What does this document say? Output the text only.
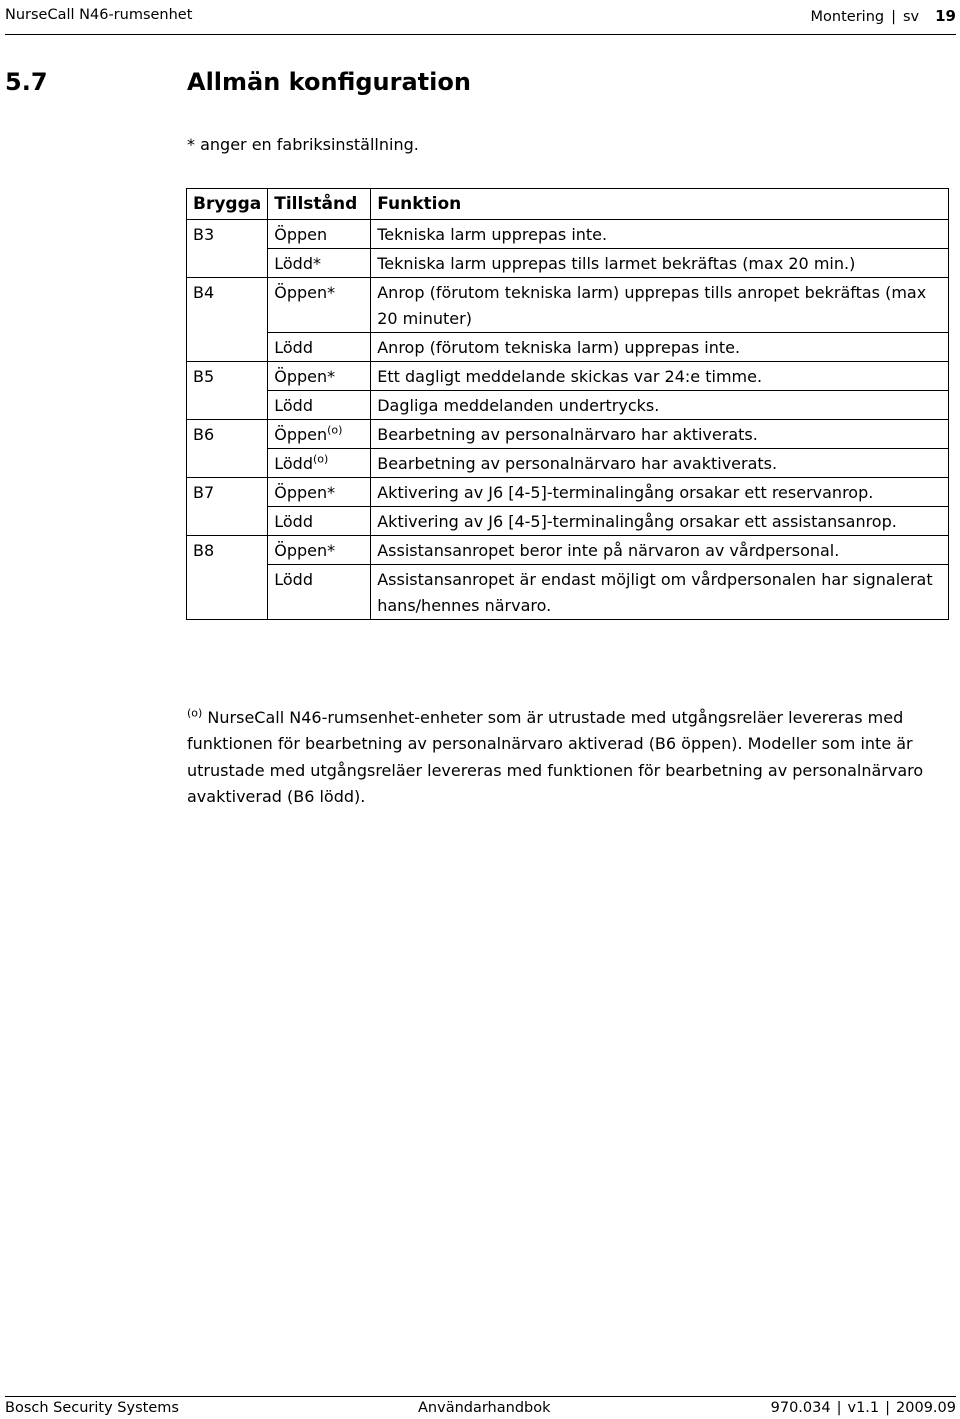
NurseCall N46-rumsenhet	Montering | sv 19
5.7	Allmän konfiguration
* anger en fabriksinställning.
Brygga	Tillstånd	Funktion
B3	Öppen	Tekniska larm upprepas inte.
	Lödd*	Tekniska larm upprepas tills larmet bekräftas (max 20 min.)
B4	Öppen*	Anrop (förutom tekniska larm) upprepas tills anropet bekräftas (max 20 minuter)
	Lödd	Anrop (förutom tekniska larm) upprepas inte.
B5	Öppen*	Ett dagligt meddelande skickas var 24:e timme.
	Lödd	Dagliga meddelanden undertrycks.
B6	Öppen$^{(o)}$	Bearbetning av personalnärvaro har aktiverats.
	Lödd$^{(o)}$	Bearbetning av personalnärvaro har avaktiverats.
B7	Öppen*	Aktivering av J6 [4-5]-terminalingång orsakar ett reservanrop.
	Lödd	Aktivering av J6 [4-5]-terminalingång orsakar ett assistansanrop.
B8	Öppen*	Assistansanropet beror inte på närvaron av vårdpersonal.
	Lödd	Assistansanropet är endast möjligt om vårdpersonalen har signalerat hans/hennes närvaro.
$^{(o)}$ NurseCall N46-rumsenhet-enheter som är utrustade med utgångsreläer levereras med funktionen för bearbetning av personalnärvaro aktiverad (B6 öppen). Modeller som inte är utrustade med utgångsreläer levereras med funktionen för bearbetning av personalnärvaro avaktiverad (B6 lödd).
Bosch Security Systems	Användarhandbok	970.034 | v1.1 | 2009.09
